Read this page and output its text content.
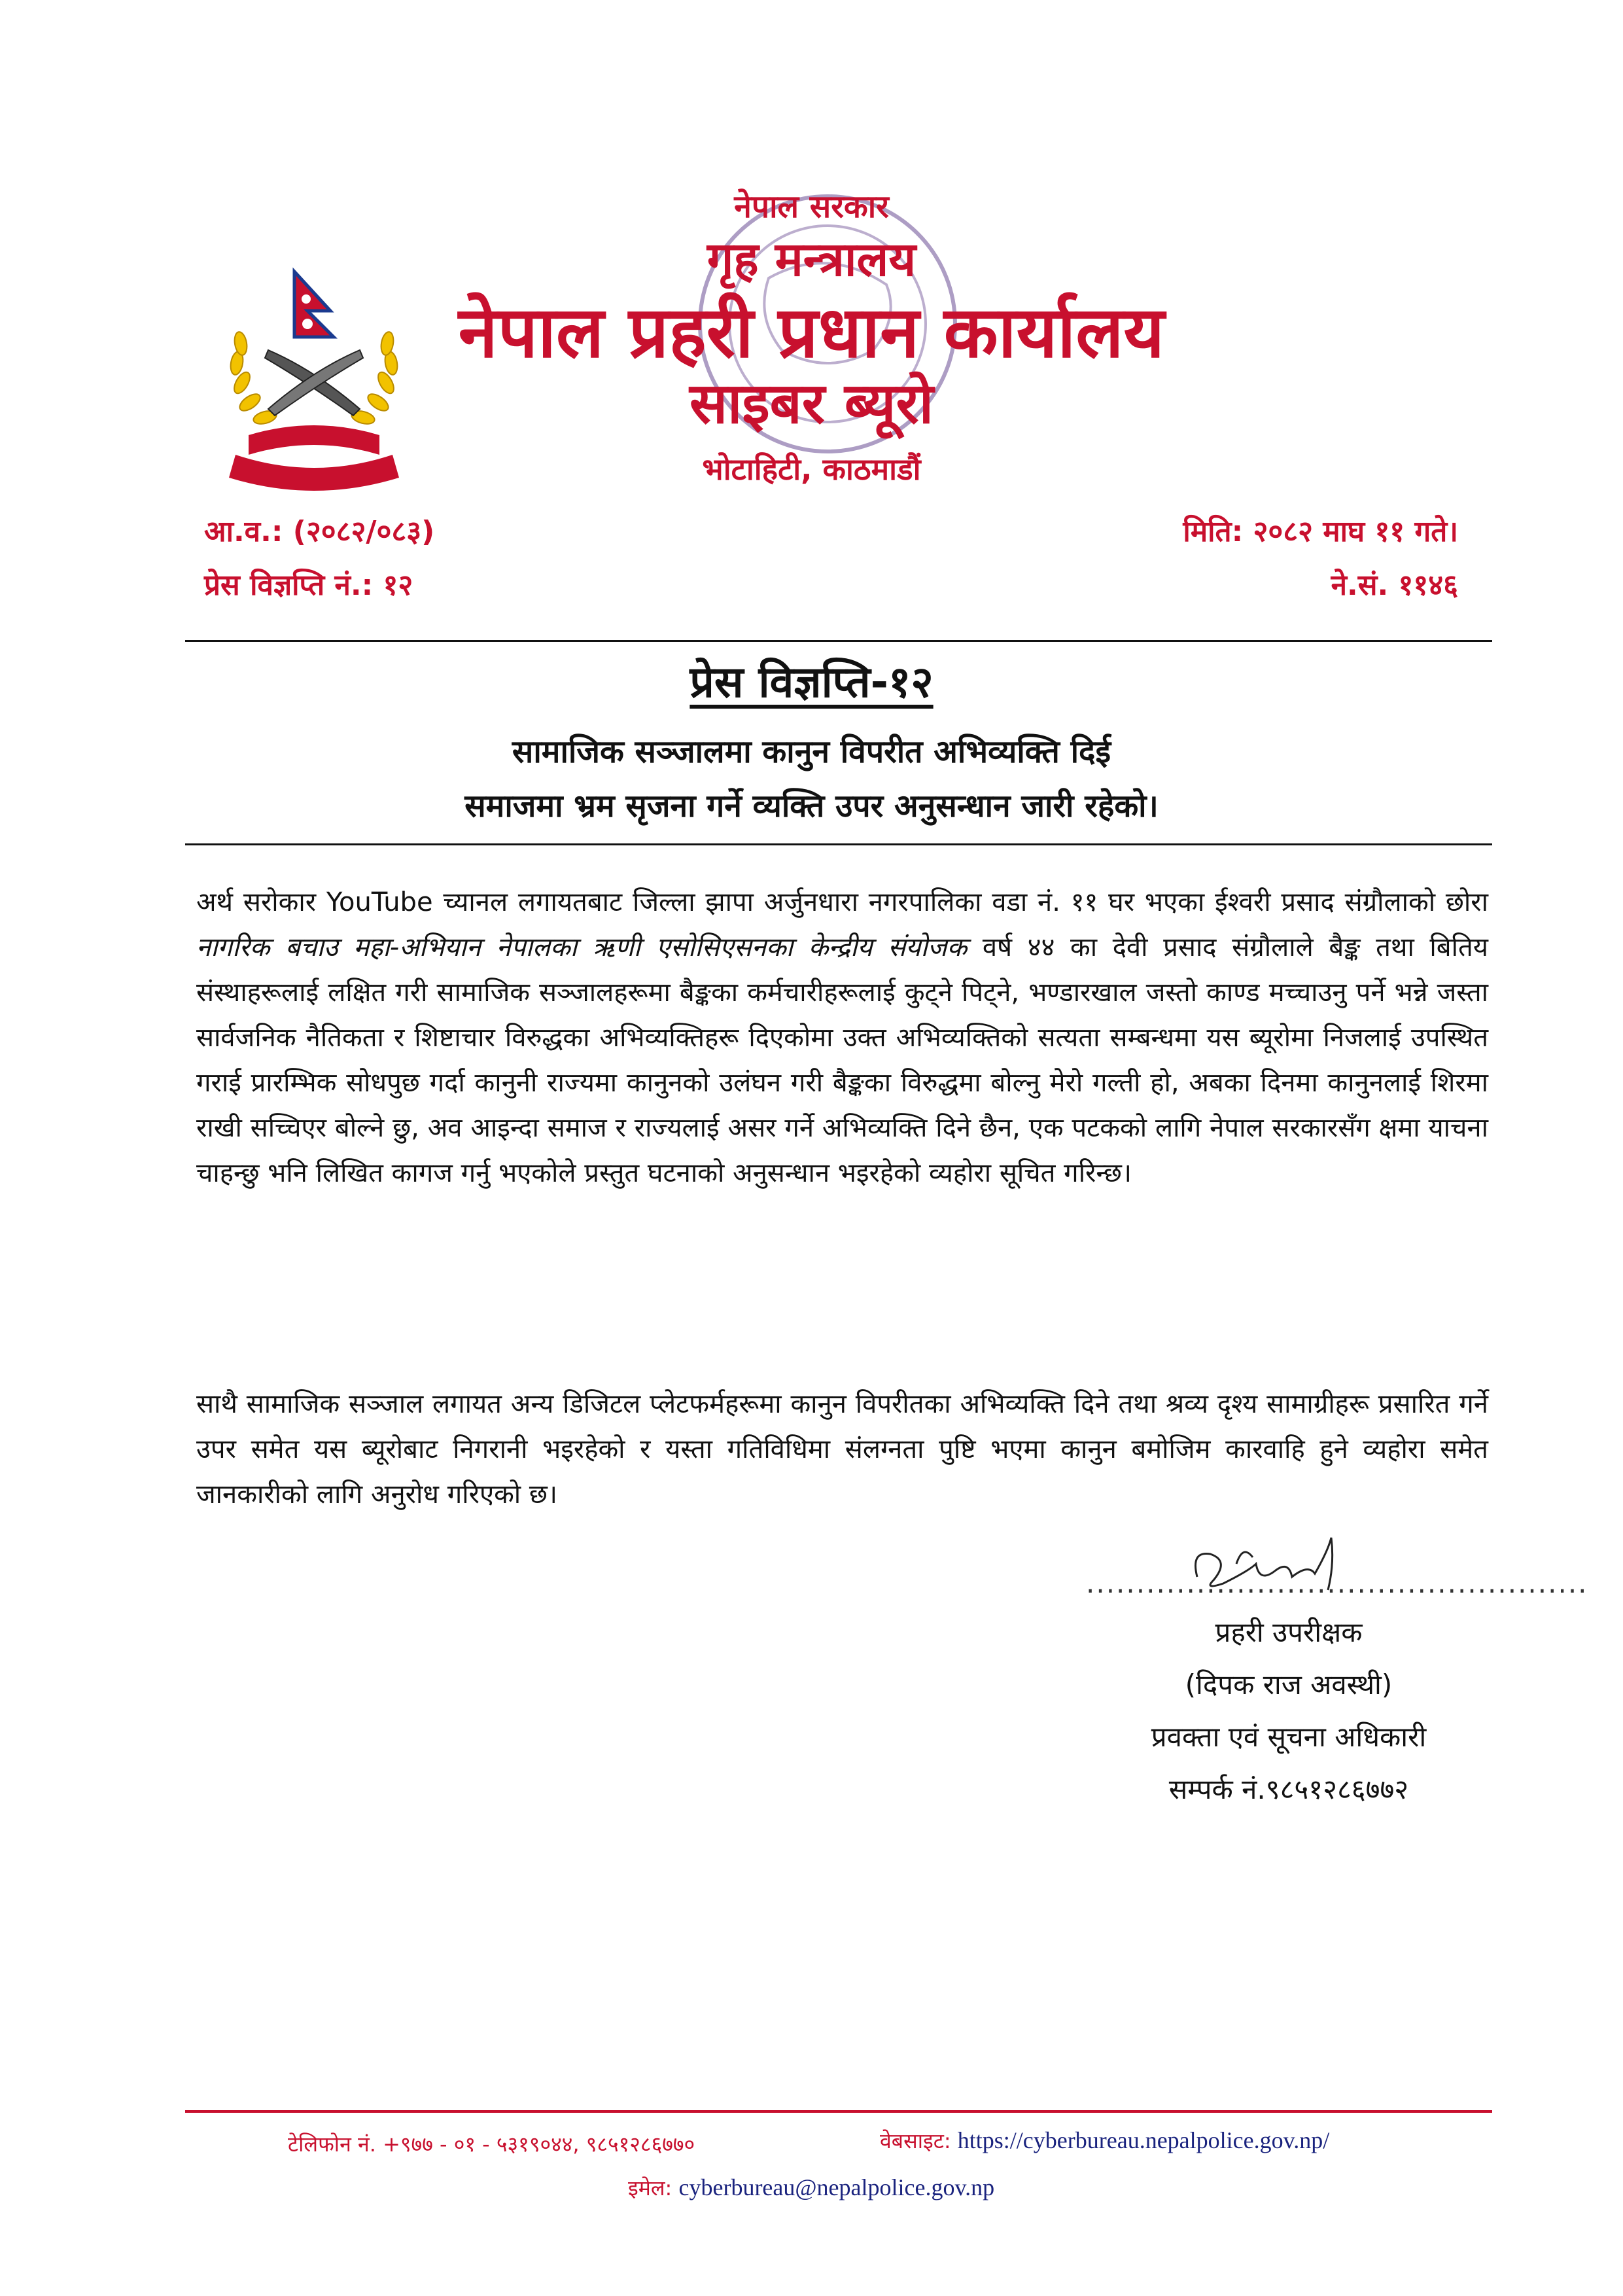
नेपाल सरकार
गृह मन्त्रालय
नेपाल प्रहरी प्रधान कार्यालय
साइबर ब्यूरो
भोटाहिटी, काठमाडौं
आ.व.: (२०८२/०८३)
प्रेस विज्ञप्ति नं.: १२
मिति: २०८२ माघ ११ गते।
ने.सं. ११४६
प्रेस विज्ञप्ति-१२
सामाजिक सञ्जालमा कानुन विपरीत अभिव्यक्ति दिई
समाजमा भ्रम सृजना गर्ने व्यक्ति उपर अनुसन्धान जारी रहेको।
अर्थ सरोकार YouTube च्यानल लगायतबाट जिल्ला झापा अर्जुनधारा नगरपालिका वडा नं. ११ घर भएका ईश्वरी प्रसाद संग्रौलाको छोरा नागरिक बचाउ महा-अभियान नेपालका ऋणी एसोसिएसनका केन्द्रीय संयोजक वर्ष ४४ का देवी प्रसाद संग्रौलाले बैङ्क तथा बितिय संस्थाहरूलाई लक्षित गरी सामाजिक सञ्जालहरूमा बैङ्कका कर्मचारीहरूलाई कुट्ने पिट्ने, भण्डारखाल जस्तो काण्ड मच्चाउनु पर्ने भन्ने जस्ता सार्वजनिक नैतिकता र शिष्टाचार विरुद्धका अभिव्यक्तिहरू दिएकोमा उक्त अभिव्यक्तिको सत्यता सम्बन्धमा यस ब्यूरोमा निजलाई उपस्थित गराई प्रारम्भिक सोधपुछ गर्दा कानुनी राज्यमा कानुनको उलंघन गरी बैङ्कका विरुद्धमा बोल्नु मेरो गल्ती हो, अबका दिनमा कानुनलाई शिरमा राखी सच्चिएर बोल्ने छु, अव आइन्दा समाज र राज्यलाई असर गर्ने अभिव्यक्ति दिने छैन, एक पटकको लागि नेपाल सरकारसँग क्षमा याचना चाहन्छु भनि लिखित कागज गर्नु भएकोले प्रस्तुत घटनाको अनुसन्धान भइरहेको व्यहोरा सूचित गरिन्छ।
साथै सामाजिक सञ्जाल लगायत अन्य डिजिटल प्लेटफर्महरूमा कानुन विपरीतका अभिव्यक्ति दिने तथा श्रव्य दृश्य सामाग्रीहरू प्रसारित गर्ने उपर समेत यस ब्यूरोबाट निगरानी भइरहेको र यस्ता गतिविधिमा संलग्नता पुष्टि भएमा कानुन बमोजिम कारवाहि हुने व्यहोरा समेत जानकारीको लागि अनुरोध गरिएको छ।
..................................................
प्रहरी उपरीक्षक
(दिपक राज अवस्थी)
प्रवक्ता एवं सूचना अधिकारी
सम्पर्क नं.९८५१२८६७७२
टेलिफोन नं. +९७७ - ०१ - ५३१९०४४, ९८५१२८६७७०	वेबसाइट: https://cyberbureau.nepalpolice.gov.np/
इमेल: cyberbureau@nepalpolice.gov.np
